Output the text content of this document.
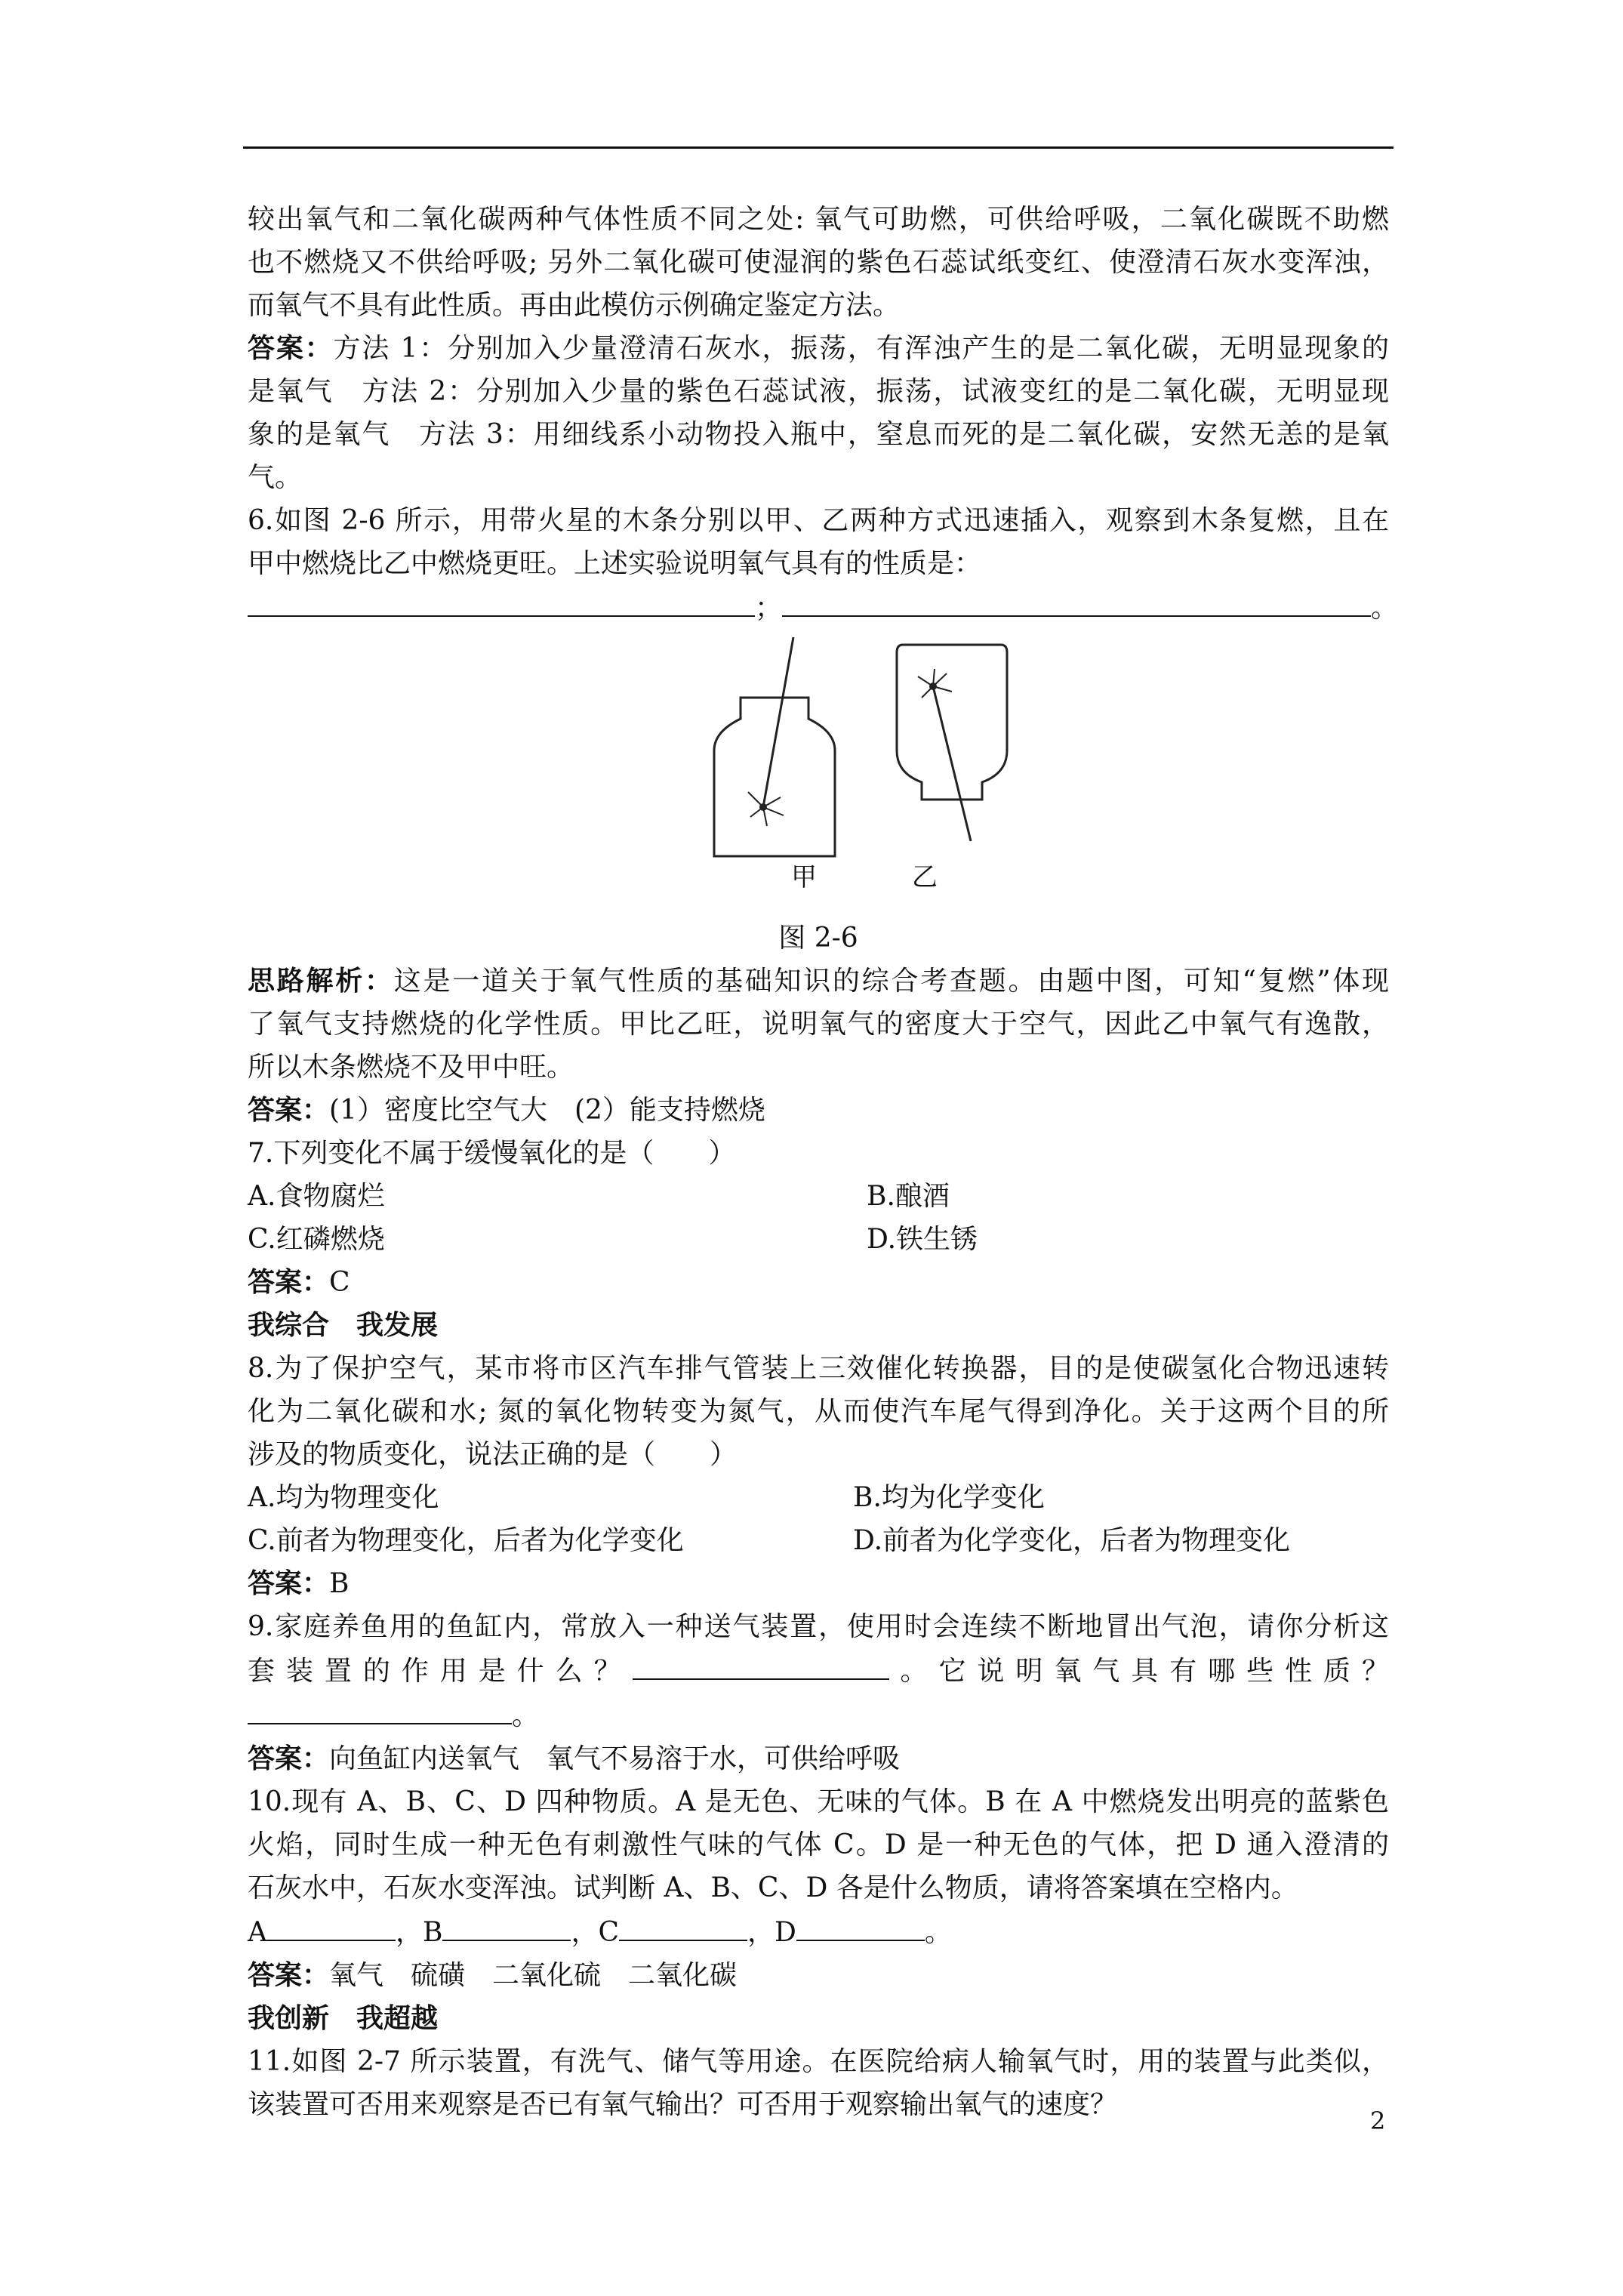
较出氧气和二氧化碳两种气体性质不同之处: 氧气可助燃，可供给呼吸，二氧化碳既不助燃

也不燃烧又不供给呼吸; 另外二氧化碳可使湿润的紫色石蕊试纸变红、使澄清石灰水变浑浊，

而氧气不具有此性质。再由此模仿示例确定鉴定方法。

答案：方法 1：分别加入少量澄清石灰水，振荡，有浑浊产生的是二氧化碳，无明显现象的

是氧气　方法 2：分别加入少量的紫色石蕊试液，振荡，试液变红的是二氧化碳，无明显现

象的是氧气　方法 3：用细线系小动物投入瓶中，窒息而死的是二氧化碳，安然无恙的是氧

气。

6.如图 2-6 所示，用带火星的木条分别以甲、乙两种方式迅速插入，观察到木条复燃，且在

甲中燃烧比乙中燃烧更旺。上述实验说明氧气具有的性质是：

；	。

甲	乙

图 2-6

思路解析：这是一道关于氧气性质的基础知识的综合考查题。由题中图，可知“复燃”体现

了氧气支持燃烧的化学性质。甲比乙旺，说明氧气的密度大于空气，因此乙中氧气有逸散，

所以木条燃烧不及甲中旺。

答案：(1）密度比空气大　(2）能支持燃烧

7.下列变化不属于缓慢氧化的是（　　）

A.食物腐烂	B.酿酒
C.红磷燃烧	D.铁生锈

答案：C

我综合　我发展

8.为了保护空气，某市将市区汽车排气管装上三效催化转换器，目的是使碳氢化合物迅速转

化为二氧化碳和水; 氮的氧化物转变为氮气，从而使汽车尾气得到净化。关于这两个目的所

涉及的物质变化，说法正确的是（　　）

A.均为物理变化	B.均为化学变化
C.前者为物理变化，后者为化学变化	D.前者为化学变化，后者为物理变化

答案：B

9.家庭养鱼用的鱼缸内，常放入一种送气装置，使用时会连续不断地冒出气泡，请你分析这

套装置的作用是什么？	。它说明氧气具有哪些性质？

。

答案：向鱼缸内送氧气　氧气不易溶于水，可供给呼吸

10.现有 A、B、C、D 四种物质。A 是无色、无味的气体。B 在 A 中燃烧发出明亮的蓝紫色

火焰，同时生成一种无色有刺激性气味的气体 C。D 是一种无色的气体，把 D 通入澄清的

石灰水中，石灰水变浑浊。试判断 A、B、C、D 各是什么物质，请将答案填在空格内。

A	，B	，C	，D	。

答案：氧气　硫磺　二氧化硫　二氧化碳

我创新　我超越

11.如图 2-7 所示装置，有洗气、储气等用途。在医院给病人输氧气时，用的装置与此类似，

该装置可否用来观察是否已有氧气输出？可否用于观察输出氧气的速度？

2
